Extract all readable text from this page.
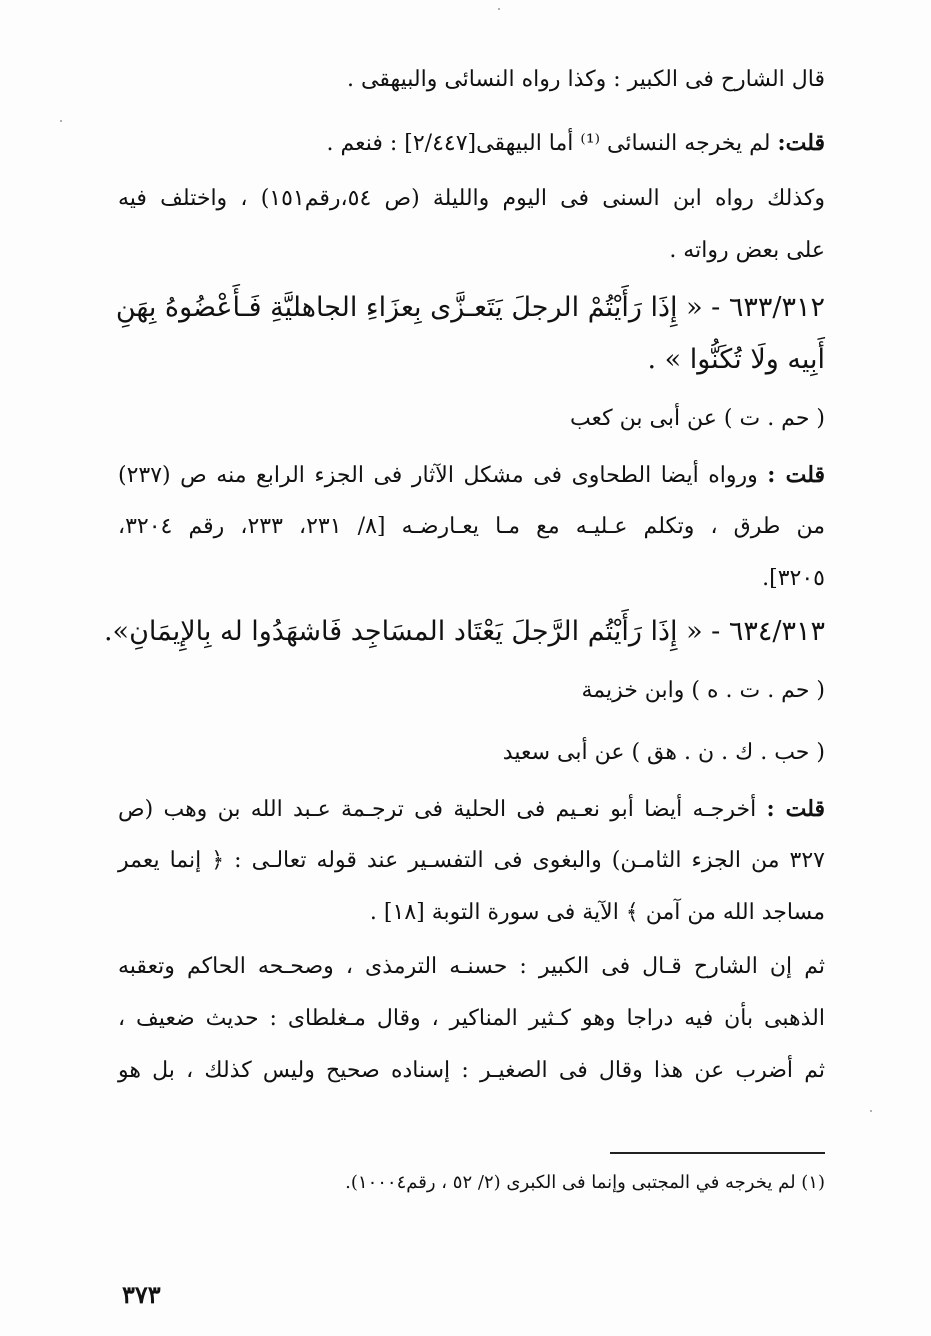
قال الشارح فى الكبير : وكذا رواه النسائى والبيهقى .
قلت: لم يخرجه النسائى ⁽¹⁾ أما البيهقى[٢/٤٤٧] : فنعم .
وكذلك رواه ابن السنى فى اليوم والليلة (ص ٥٤،رقم١٥١) ، واختلف فيه
على بعض رواته .
٦٣٣/٣١٢ - « إِذَا رَأَيْتُمْ الرجلَ يَتَعـزَّى بِعزَاءِ الجاهليَّةِ فَـأَعْضُوهُ بِهَنِ
أَبِيه ولَا تُكَنُّوا » .
( حم . ت ) عن أبى بن كعب
قلت : ورواه أيضا الطحاوى فى مشكل الآثار فى الجزء الرابع منه ص (٢٣٧)
من طرق ، وتكلم عـليـه مع مـا يعـارضـه [٨/ ٢٣١، ٢٣٣، رقم ٣٢٠٤،
٣٢٠٥].
٦٣٤/٣١٣ - « إِذَا رَأَيْتُم الرَّجلَ يَعْتَاد المسَاجِد فَاشهَدُوا له بِالإِيمَانِ».
( حم . ت . ه ) وابن خزيمة
( حب . ك . ن . هق ) عن أبى سعيد
قلت : أخرجـه أيضا أبو نعـيم فى الحلية فى ترجـمة عـبد الله بن وهب (ص
٣٢٧ من الجزء الثامـن) والبغوى فى التفسـير عند قوله تعالـى : ﴿ إنما يعمر
مساجد الله من آمن ﴾ الآية فى سورة التوبة [١٨] .
ثم إن الشارح قـال فى الكبير : حسنـه الترمذى ، وصحـحه الحاكم وتعقبه
الذهبى بأن فيه دراجا وهو كـثير المناكير ، وقال مـغلطاى : حديث ضعيف ،
ثم أضرب عن هذا وقال فى الصغيـر : إسناده صحيح وليس كذلك ، بل هو
(١) لم يخرجه في المجتبى وإنما فى الكبرى (٢/ ٥٢ ، رقم١٠٠٠٤).
٣٧٣
